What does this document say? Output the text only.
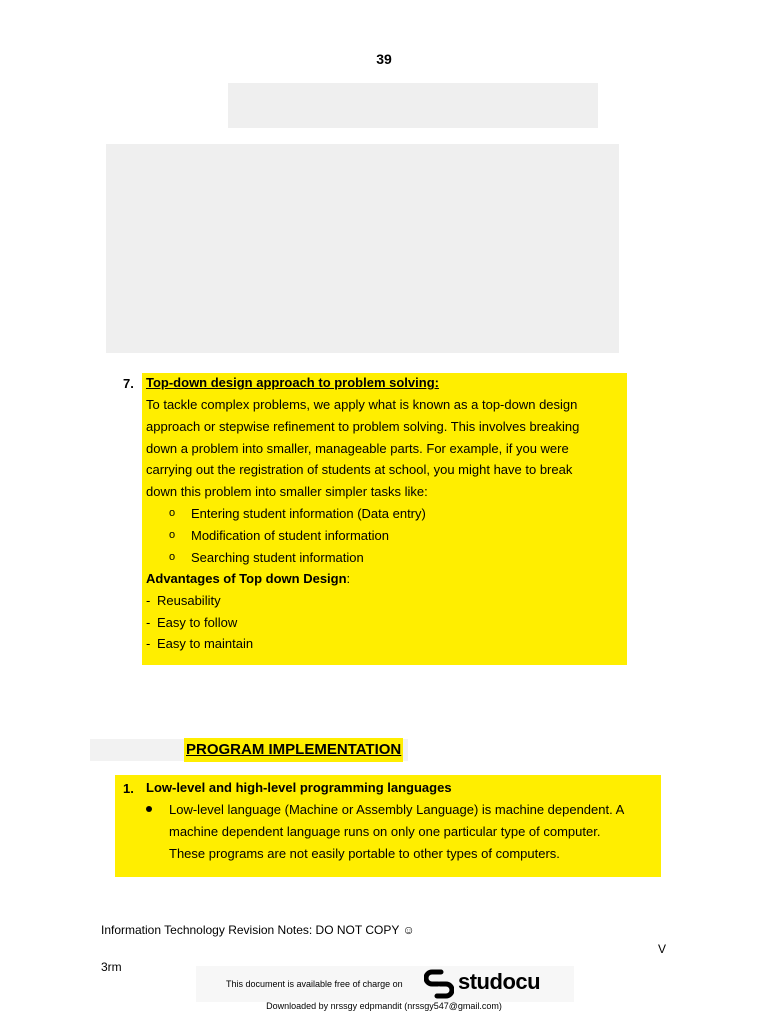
39
7. Top-down design approach to problem solving:
To tackle complex problems, we apply what is known as a top-down design
approach or stepwise refinement to problem solving. This involves breaking
down a problem into smaller, manageable parts. For example, if you were
carrying out the registration of students at school, you might have to break
down this problem into smaller simpler tasks like:
o Entering student information (Data entry)
o Modification of student information
o Searching student information
Advantages of Top down Design:
- Reusability
- Easy to follow
- Easy to maintain
PROGRAM IMPLEMENTATION
1. Low-level and high-level programming languages
Low-level language (Machine or Assembly Language) is machine dependent. A
machine dependent language runs on only one particular type of computer.
These programs are not easily portable to other types of computers.
Information Technology Revision Notes: DO NOT COPY ☺
V
3rm
This document is available free of charge on	studocu
Downloaded by nrssgy edpmandit (nrssgy547@gmail.com)
